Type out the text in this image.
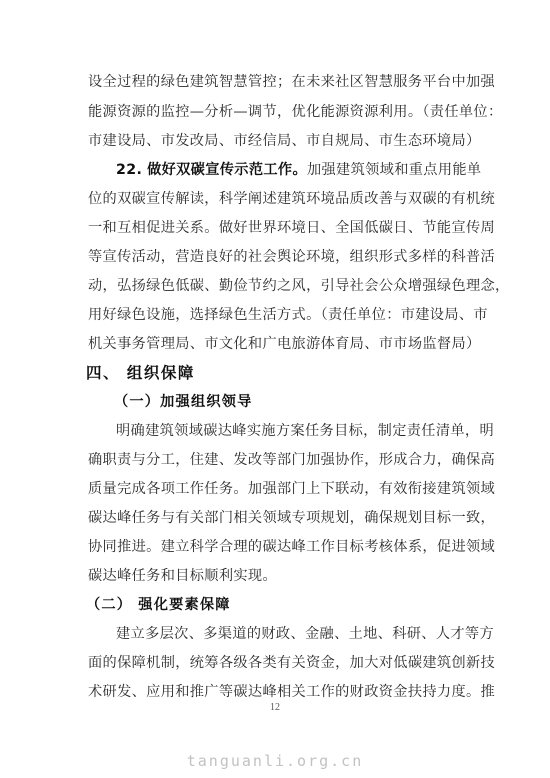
设全过程的绿色建筑智慧管控；在未来社区智慧服务平台中加强
能源资源的监控—分析—调节，优化能源资源利用。（责任单位：
市建设局、市发改局、市经信局、市自规局、市生态环境局）
22. 做好双碳宣传示范工作。加强建筑领域和重点用能单
位的双碳宣传解读，科学阐述建筑环境品质改善与双碳的有机统
一和互相促进关系。做好世界环境日、全国低碳日、节能宣传周
等宣传活动，营造良好的社会舆论环境，组织形式多样的科普活
动，弘扬绿色低碳、勤俭节约之风，引导社会公众增强绿色理念，
用好绿色设施，选择绿色生活方式。（责任单位：市建设局、市
机关事务管理局、市文化和广电旅游体育局、市市场监督局）
四、 组织保障
（一）加强组织领导
明确建筑领域碳达峰实施方案任务目标，制定责任清单，明
确职责与分工，住建、发改等部门加强协作，形成合力，确保高
质量完成各项工作任务。加强部门上下联动，有效衔接建筑领域
碳达峰任务与有关部门相关领域专项规划，确保规划目标一致，
协同推进。建立科学合理的碳达峰工作目标考核体系，促进领域
碳达峰任务和目标顺利实现。
（二） 强化要素保障
建立多层次、多渠道的财政、金融、土地、科研、人才等方
面的保障机制，统筹各级各类有关资金，加大对低碳建筑创新技
术研发、应用和推广等碳达峰相关工作的财政资金扶持力度。推
12
tanguanli.org.cn
